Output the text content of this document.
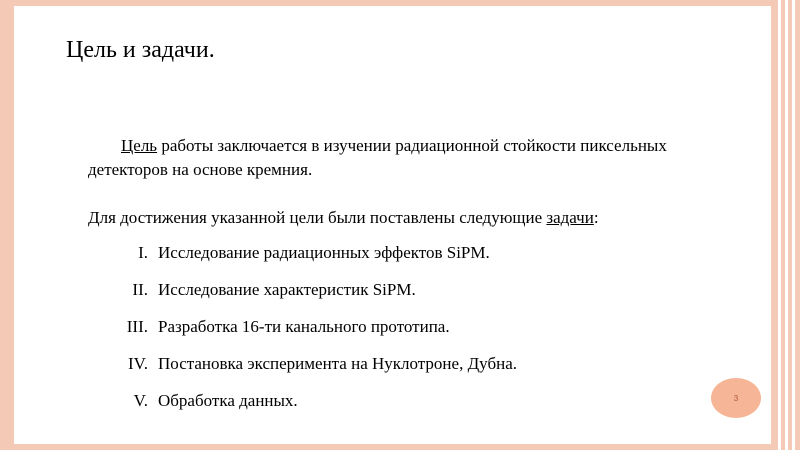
Цель и задачи.
Цель работы заключается в изучении радиационной стойкости пиксельных детекторов на основе кремния.
Для достижения указанной цели были поставлены следующие задачи:
I. Исследование радиационных эффектов SiPM.
II. Исследование характеристик SiPM.
III. Разработка 16-ти канального прототипа.
IV. Постановка эксперимента на Нуклотроне, Дубна.
V. Обработка данных.	3
